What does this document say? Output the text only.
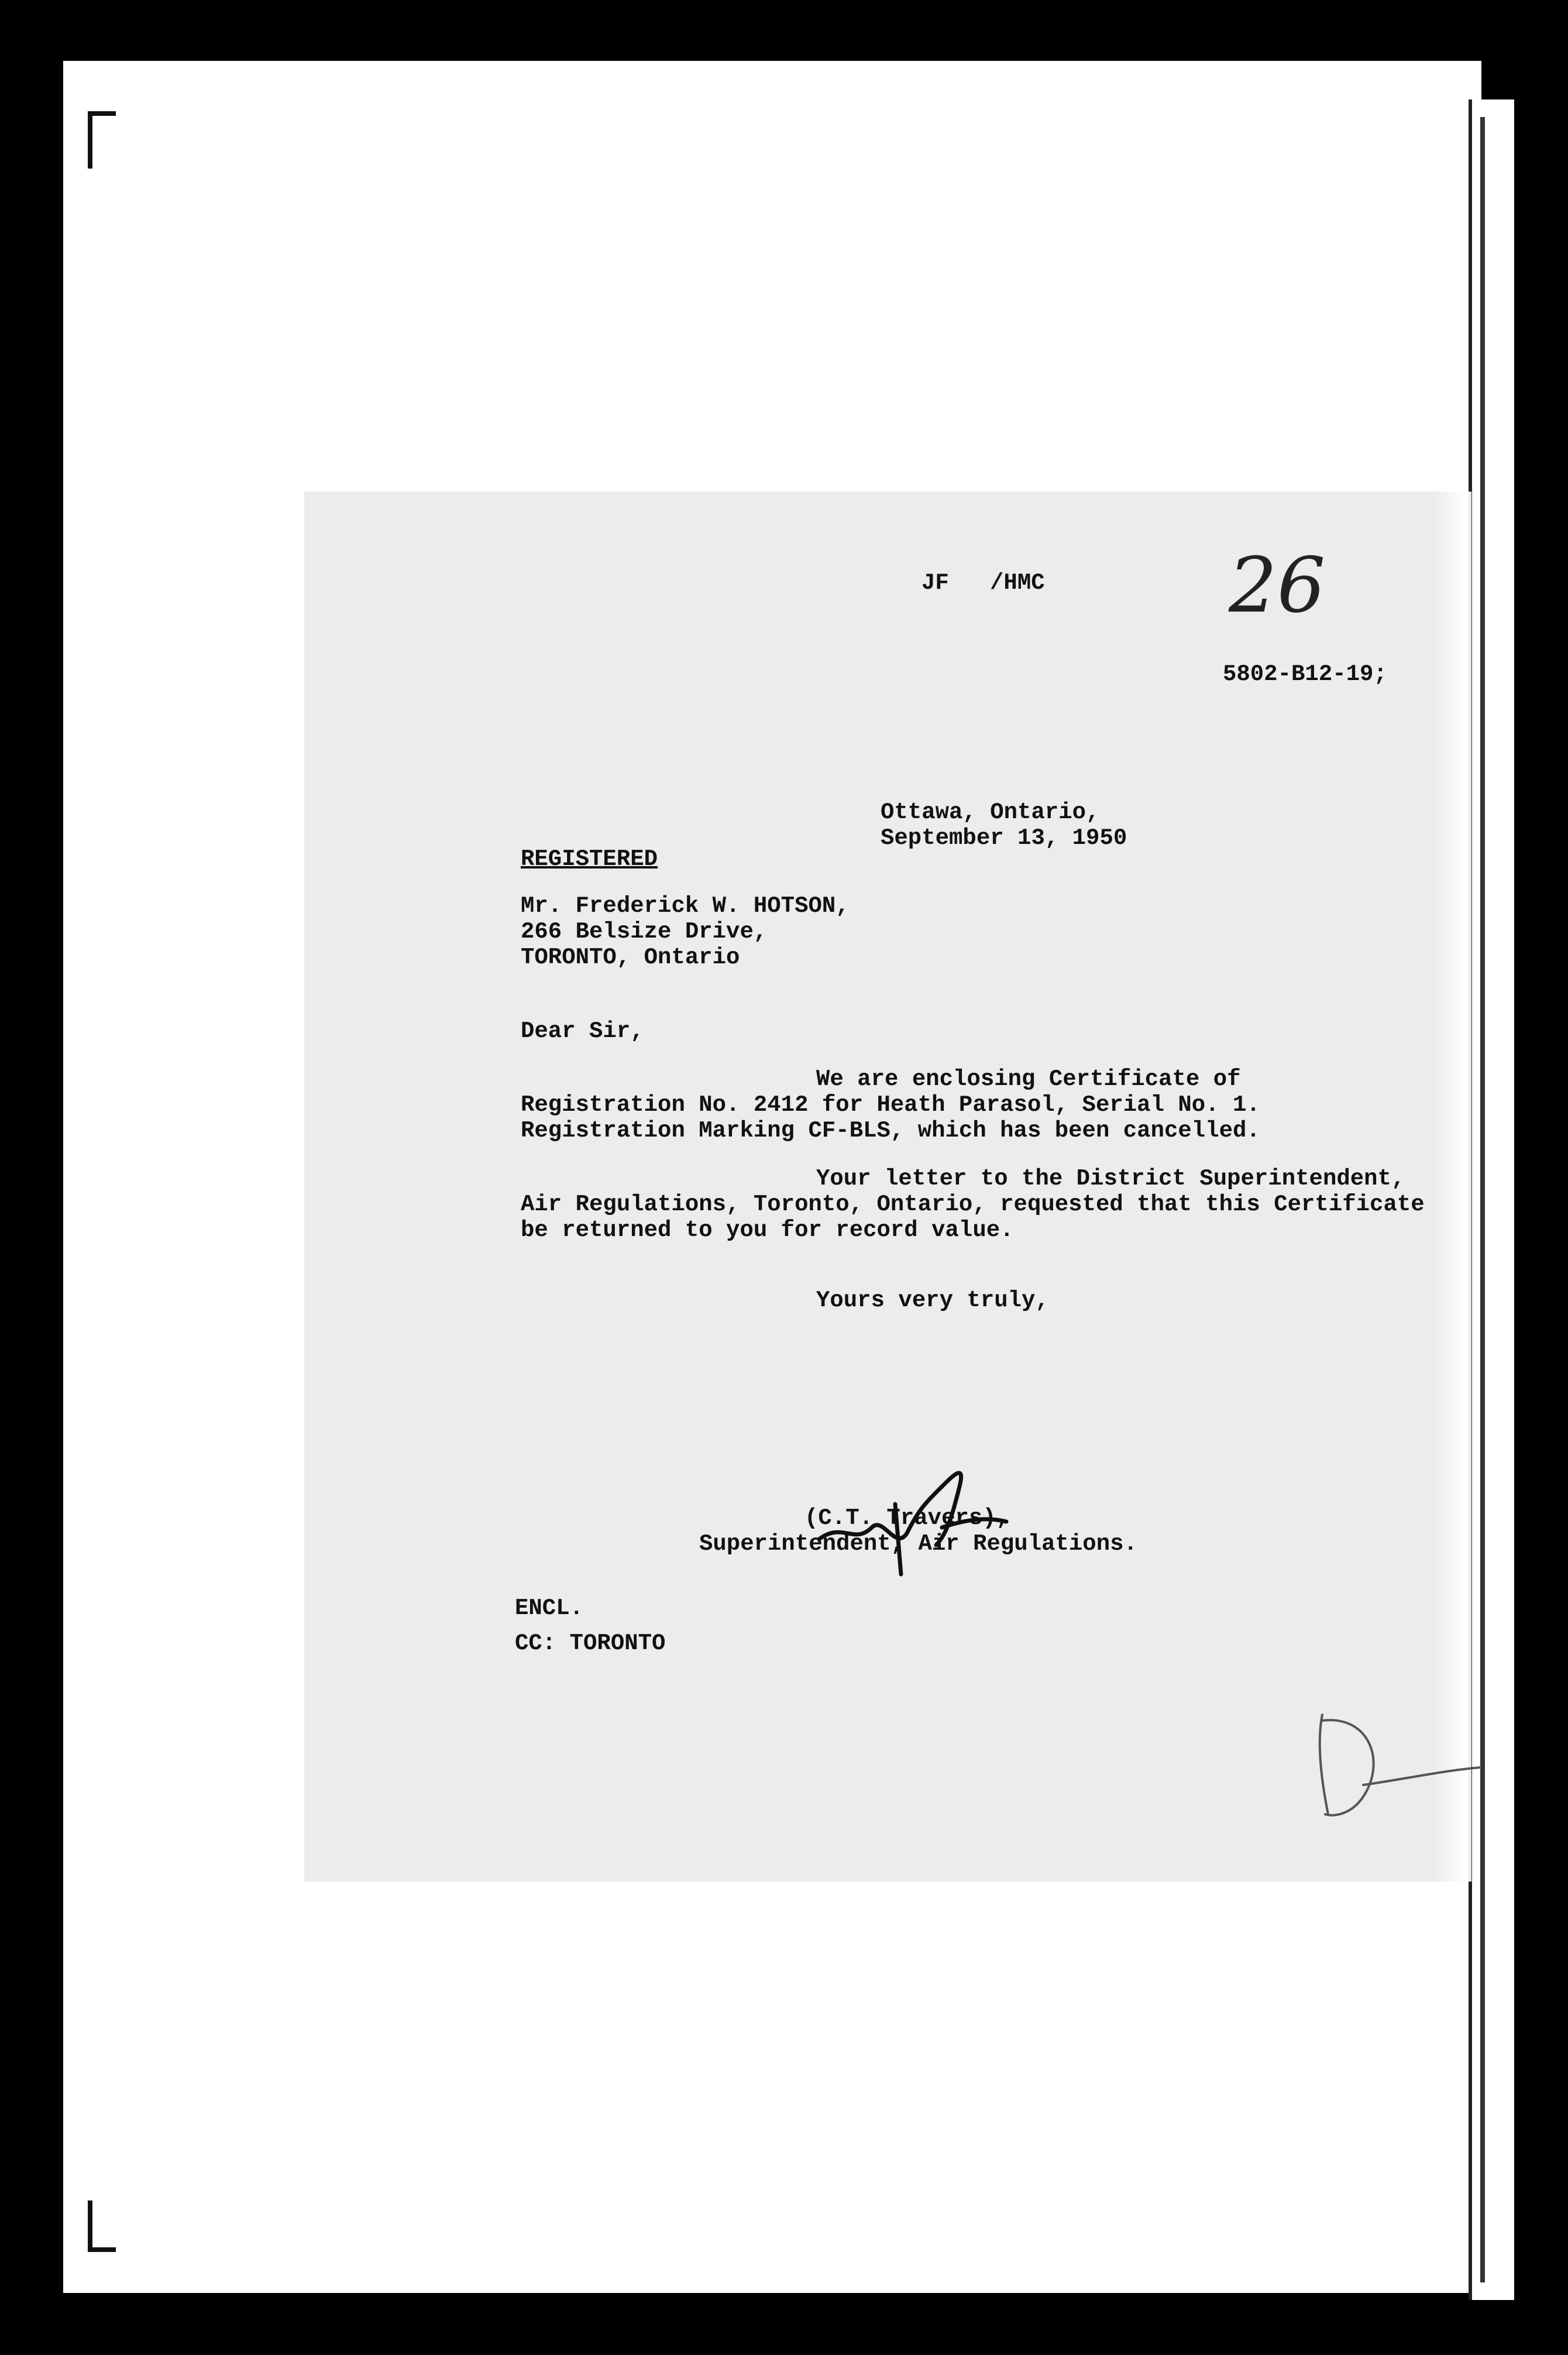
26
JF   /HMC
5802-B12-19;
Ottawa, Ontario,
September 13, 1950
REGISTERED
Mr. Frederick W. HOTSON,
266 Belsize Drive,
TORONTO, Ontario
Dear Sir,
We are enclosing Certificate of
Registration No. 2412 for Heath Parasol, Serial No. 1.
Registration Marking CF-BLS, which has been cancelled.
Your letter to the District Superintendent,
Air Regulations, Toronto, Ontario, requested that this Certificate
be returned to you for record value.
Yours very truly,
(C.T. Travers),
Superintendent, Air Regulations.
ENCL.
CC: TORONTO
